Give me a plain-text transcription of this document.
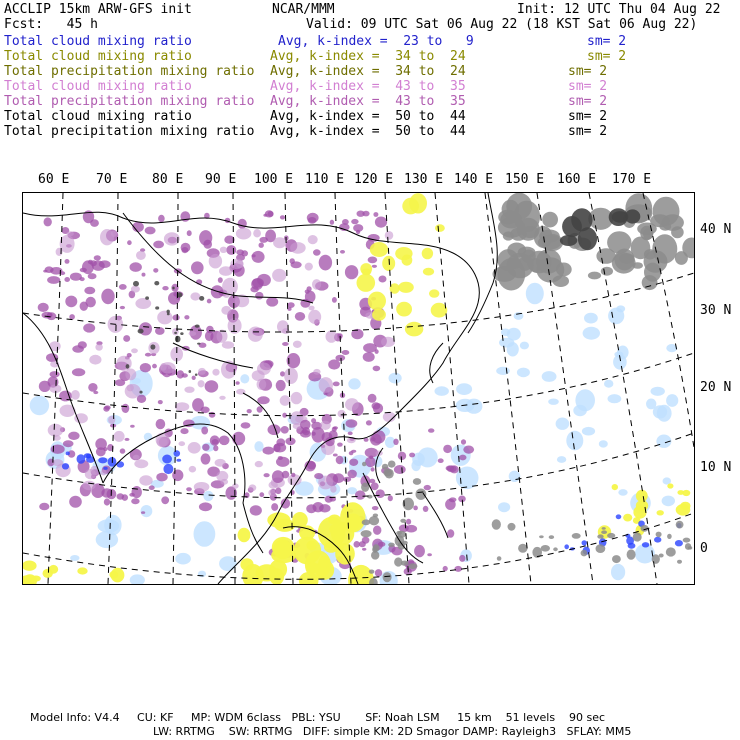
ACCLIP 15km ARW-GFS init	NCAR/MMM	Init: 12 UTC Thu 04 Aug 22
Fcst:   45 h	Valid: 09 UTC Sat 06 Aug 22 (18 KST Sat 06 Aug 22)
Total cloud mixing ratio	Avg, k-index =  23 to   9	sm= 2
Total cloud mixing ratio	Avg, k-index =  34 to  24	sm= 2
Total precipitation mixing ratio Avg, k-index =  34 to  24	sm= 2
Total cloud mixing ratio	Avg, k-index =  43 to  35	sm= 2
Total precipitation mixing ratio Avg, k-index =  43 to  35	sm= 2
Total cloud mixing ratio	Avg, k-index =  50 to  44	sm= 2
Total precipitation mixing ratio Avg, k-index =  50 to  44	sm= 2
60 E 70 E 80 E 90 E 100 E 110 E 120 E 130 E 140 E 150 E 160 E 170 E
40 N
30 N
20 N
10 N
0
Model Info: V4.4     CU: KF     MP: WDM 6class   PBL: YSU       SF: Noah LSM     15 km    51 levels    90 sec
LW: RRTMG    SW: RRTMG   DIFF: simple KM: 2D Smagor DAMP: Rayleigh3   SFLAY: MM5
